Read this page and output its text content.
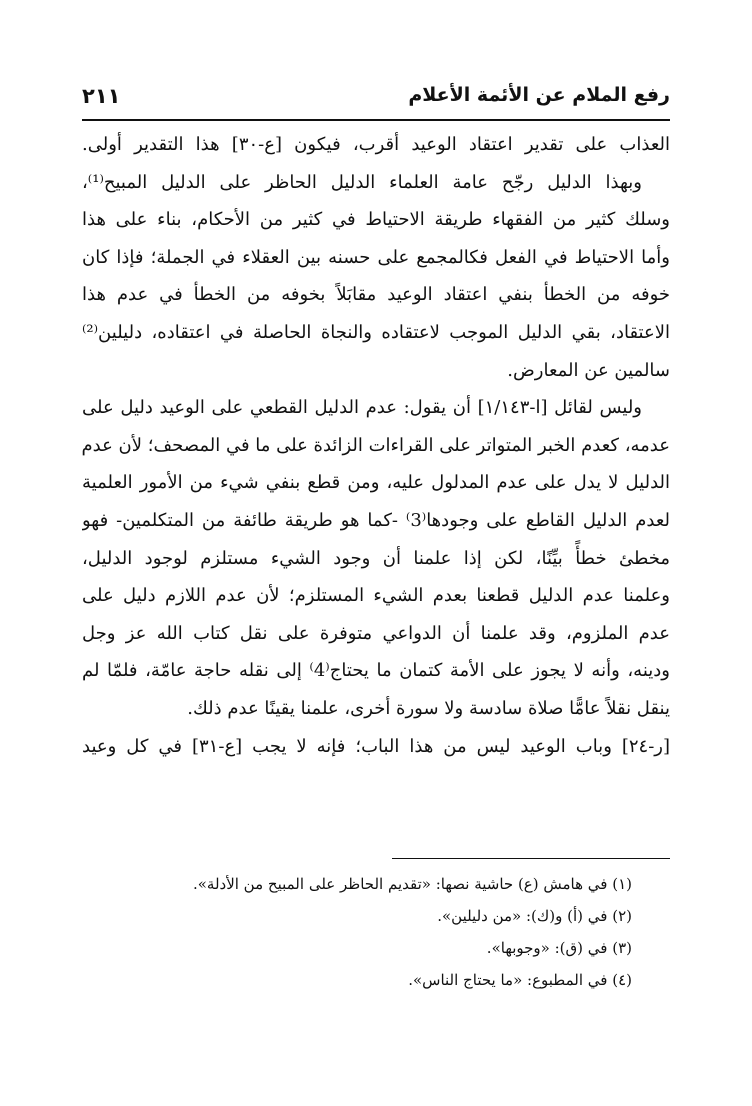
رفع الملام عن الأئمة الأعلام
٢١١
العذاب على تقدير اعتقاد الوعيد أقرب، فيكون [ع-٣٠] هذا التقدير أولى.
وبهذا الدليل رجّح عامة العلماء الدليل الحاظر على الدليل المبيح⁽¹⁾،
وسلك كثير من الفقهاء طريقة الاحتياط في كثير من الأحكام، بناء على هذا
وأما الاحتياط في الفعل فكالمجمع على حسنه بين العقلاء في الجملة؛ فإذا كان
خوفه من الخطأ بنفي اعتقاد الوعيد مقابَلاً بخوفه من الخطأ في عدم هذا
الاعتقاد، بقي الدليل الموجب لاعتقاده والنجاة الحاصلة في اعتقاده، دليلين⁽²⁾
سالمين عن المعارض.
وليس لقائل [ا-١/١٤٣] أن يقول: عدم الدليل القطعي على الوعيد دليل على
عدمه، كعدم الخبر المتواتر على القراءات الزائدة على ما في المصحف؛ لأن عدم
الدليل لا يدل على عدم المدلول عليه، ومن قطع بنفي شيء من الأمور العلمية
لعدم الدليل القاطع على وجودها⁽3⁾ -كما هو طريقة طائفة من المتكلمين- فهو
مخطئ خطأً بيِّنًا، لكن إذا علمنا أن وجود الشيء مستلزم لوجود الدليل،
وعلمنا عدم الدليل قطعنا بعدم الشيء المستلزم؛ لأن عدم اللازم دليل على
عدم الملزوم، وقد علمنا أن الدواعي متوفرة على نقل كتاب الله عز وجل
ودينه، وأنه لا يجوز على الأمة كتمان ما يحتاج⁽4⁾ إلى نقله حاجة عامّة، فلمّا لم
ينقل نقلاً عامًّا صلاة سادسة ولا سورة أخرى، علمنا يقينًا عدم ذلك.
[ر-٢٤] وباب الوعيد ليس من هذا الباب؛ فإنه لا يجب [ع-٣١] في كل وعيد
(١) في هامش (ع) حاشية نصها: «تقديم الحاظر على المبيح من الأدلة».
(٢) في (أ) و(ك): «من دليلين».
(٣) في (ق): «وجوبها».
(٤) في المطبوع: «ما يحتاج الناس».
